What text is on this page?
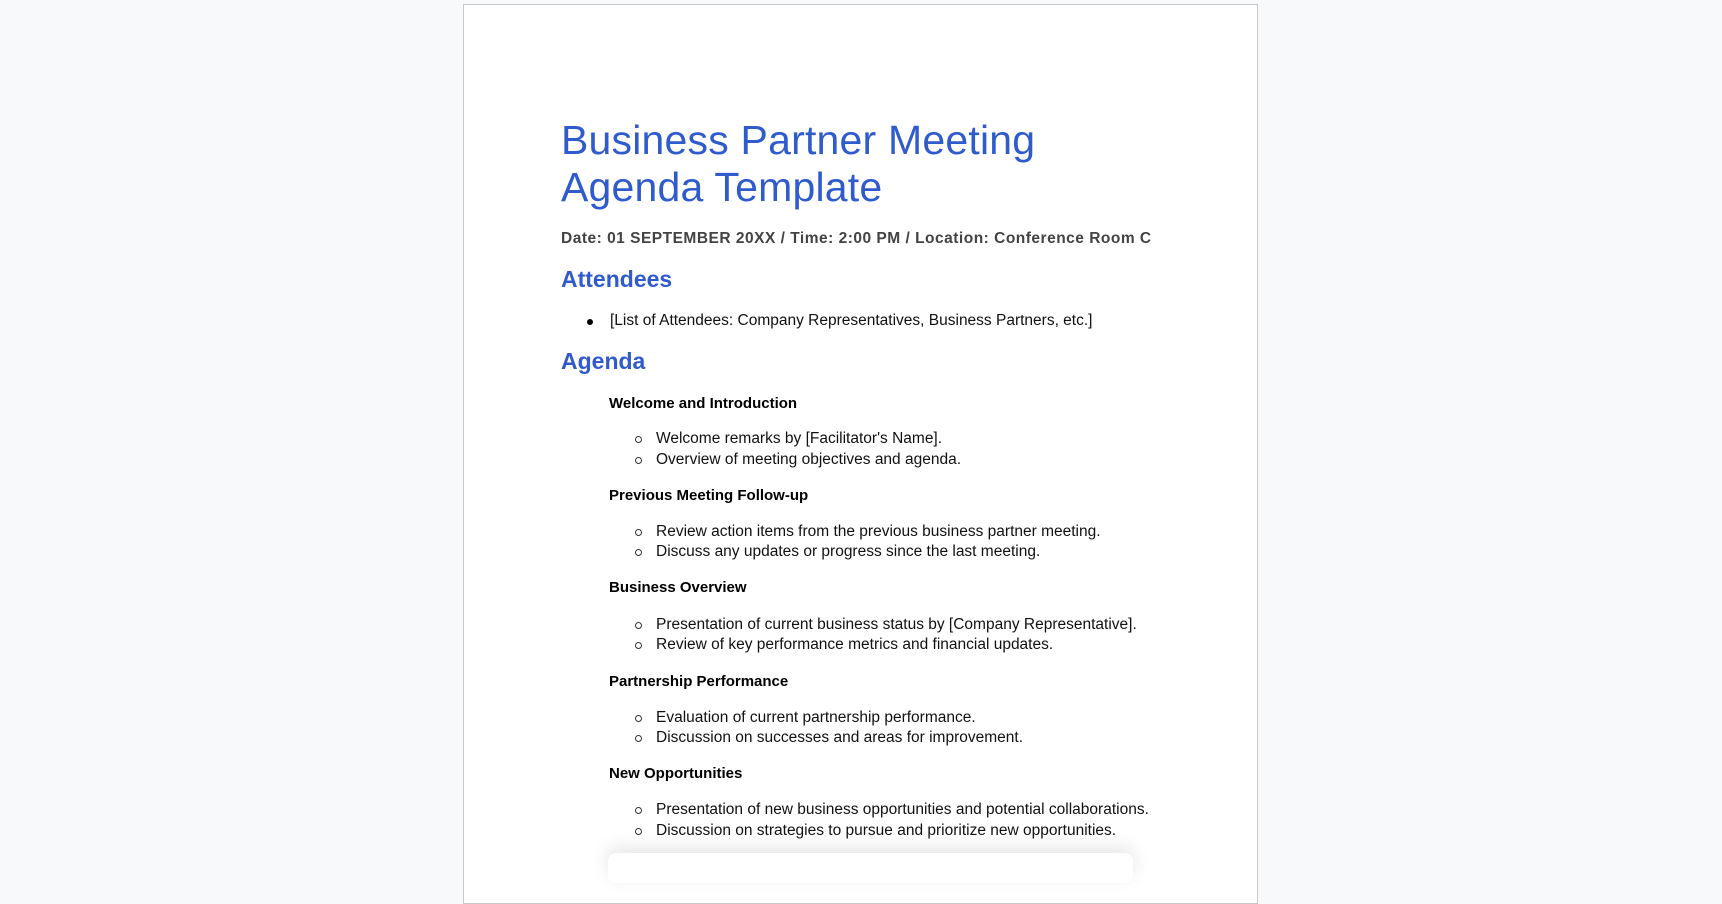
Business Partner Meeting Agenda Template
Date: 01 SEPTEMBER 20XX / Time: 2:00 PM / Location: Conference Room C
Attendees
[List of Attendees: Company Representatives, Business Partners, etc.]
Agenda
Welcome and Introduction
Welcome remarks by [Facilitator's Name].
Overview of meeting objectives and agenda.
Previous Meeting Follow-up
Review action items from the previous business partner meeting.
Discuss any updates or progress since the last meeting.
Business Overview
Presentation of current business status by [Company Representative].
Review of key performance metrics and financial updates.
Partnership Performance
Evaluation of current partnership performance.
Discussion on successes and areas for improvement.
New Opportunities
Presentation of new business opportunities and potential collaborations.
Discussion on strategies to pursue and prioritize new opportunities.
